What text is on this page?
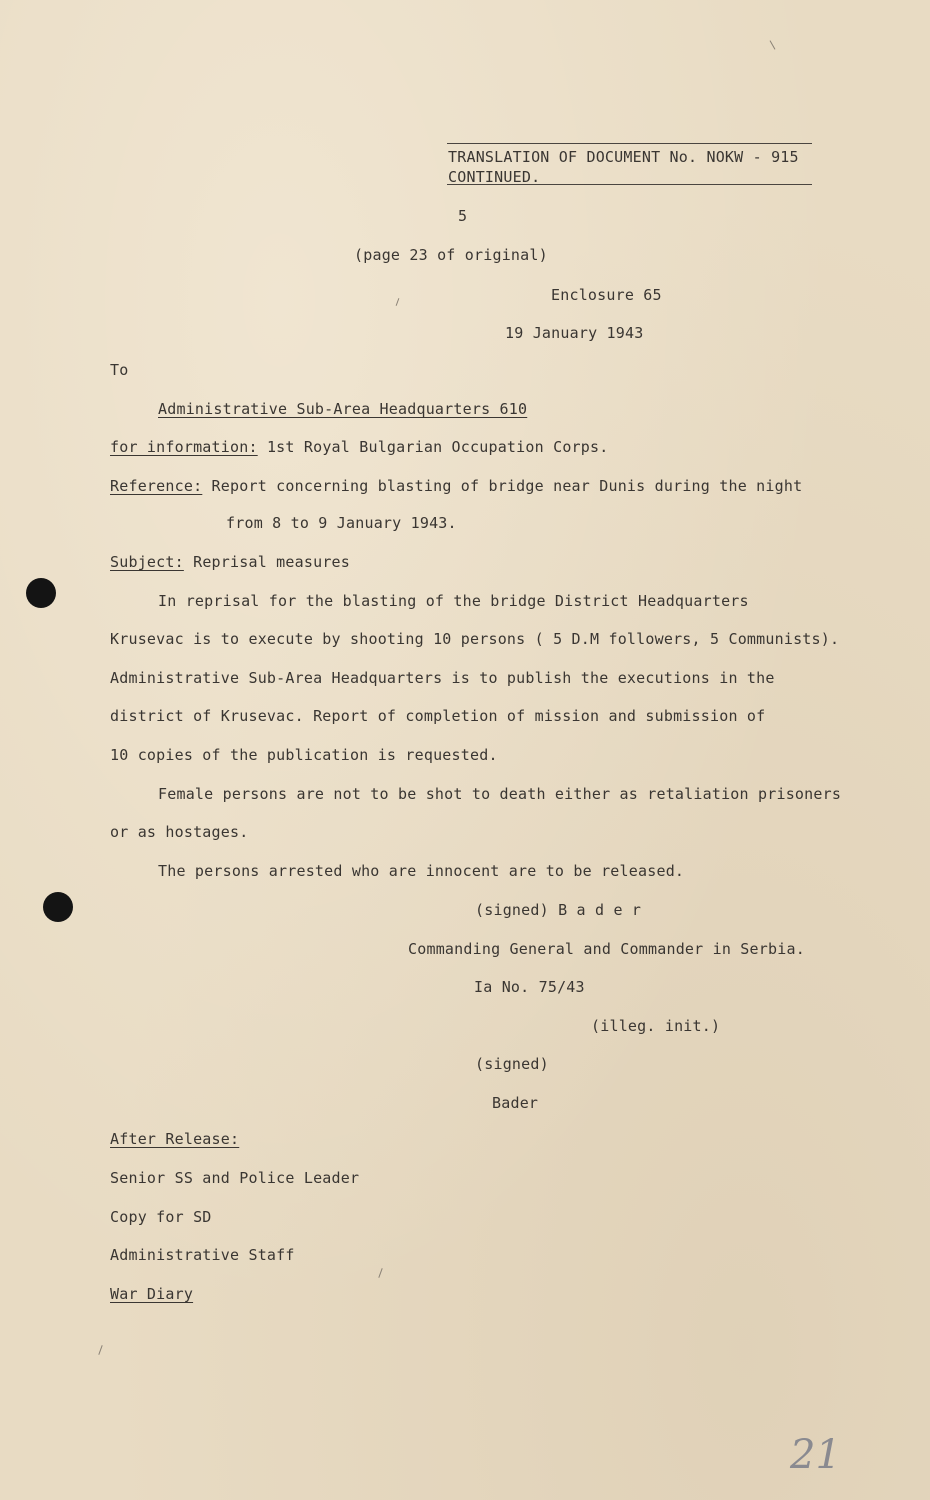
TRANSLATION OF DOCUMENT No. NOKW - 915
CONTINUED.
5
(page 23 of original)
Enclosure 65
19 January 1943
To
Administrative Sub-Area Headquarters 610
for information: 1st Royal Bulgarian Occupation Corps.
Reference: Report concerning blasting of bridge near Dunis during the night
from 8 to 9 January 1943.
Subject: Reprisal measures
In reprisal for the blasting of the bridge District Headquarters
Krusevac is to execute by shooting 10 persons ( 5 D.M followers, 5 Communists).
Administrative Sub-Area Headquarters is to publish the executions in the
district of Krusevac. Report of completion of mission and submission of
10 copies of the publication is requested.
Female persons are not to be shot to death either as retaliation prisoners
or as hostages.
The persons arrested who are innocent are to be released.
(signed) B a d e r
Commanding General and Commander in Serbia.
Ia No. 75/43
(illeg. init.)
(signed)
Bader
After Release:
Senior SS and Police Leader
Copy for SD
Administrative Staff
War Diary
21
